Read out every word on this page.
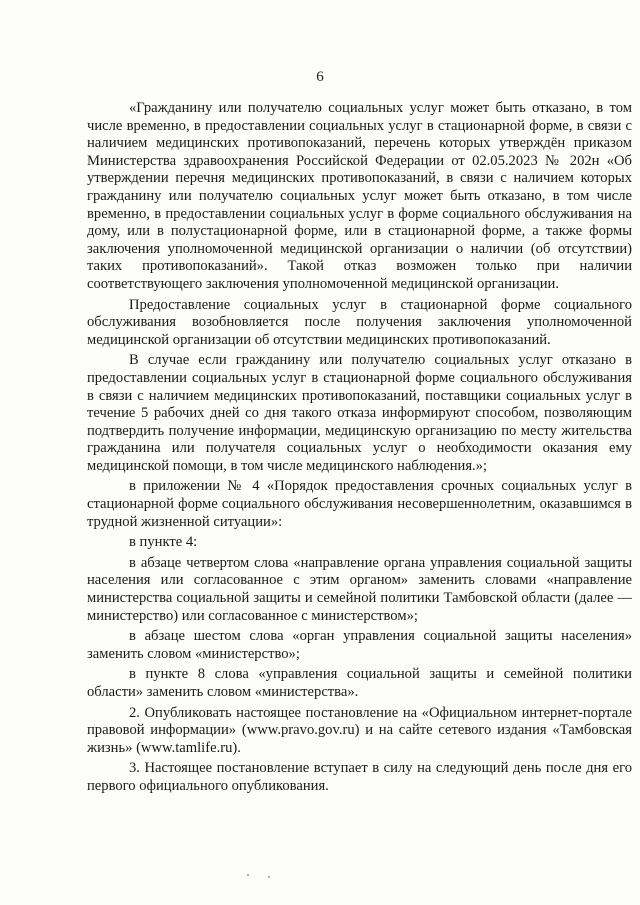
6

«Гражданину или получателю социальных услуг может быть отказано, в том числе временно, в предоставлении социальных услуг в стационарной форме, в связи с наличием медицинских противопоказаний, перечень которых утверждён приказом Министерства здравоохранения Российской Федерации от 02.05.2023 № 202н «Об утверждении перечня медицинских противопоказаний, в связи с наличием которых гражданину или получателю социальных услуг может быть отказано, в том числе временно, в предоставлении социальных услуг в форме социального обслуживания на дому, или в полустационарной форме, или в стационарной форме, а также формы заключения уполномоченной медицинской организации о наличии (об отсутствии) таких противопоказаний». Такой отказ возможен только при наличии соответствующего заключения уполномоченной медицинской организации.

Предоставление социальных услуг в стационарной форме социального обслуживания возобновляется после получения заключения уполномоченной медицинской организации об отсутствии медицинских противопоказаний.

В случае если гражданину или получателю социальных услуг отказано в предоставлении социальных услуг в стационарной форме социального обслуживания в связи с наличием медицинских противопоказаний, поставщики социальных услуг в течение 5 рабочих дней со дня такого отказа информируют способом, позволяющим подтвердить получение информации, медицинскую организацию по месту жительства гражданина или получателя социальных услуг о необходимости оказания ему медицинской помощи, в том числе медицинского наблюдения.»;

в приложении № 4 «Порядок предоставления срочных социальных услуг в стационарной форме социального обслуживания несовершеннолетним, оказавшимся в трудной жизненной ситуации»:

в пункте 4:

в абзаце четвертом слова «направление органа управления социальной защиты населения или согласованное с этим органом» заменить словами «направление министерства социальной защиты и семейной политики Тамбовской области (далее — министерство) или согласованное с министерством»;

в абзаце шестом слова «орган управления социальной защиты населения» заменить словом «министерство»;

в пункте 8 слова «управления социальной защиты и семейной политики области» заменить словом «министерства».

2. Опубликовать настоящее постановление на «Официальном интернет-портале правовой информации» (www.pravo.gov.ru) и на сайте сетевого издания «Тамбовская жизнь» (www.tamlife.ru).

3. Настоящее постановление вступает в силу на следующий день после дня его первого официального опубликования.
